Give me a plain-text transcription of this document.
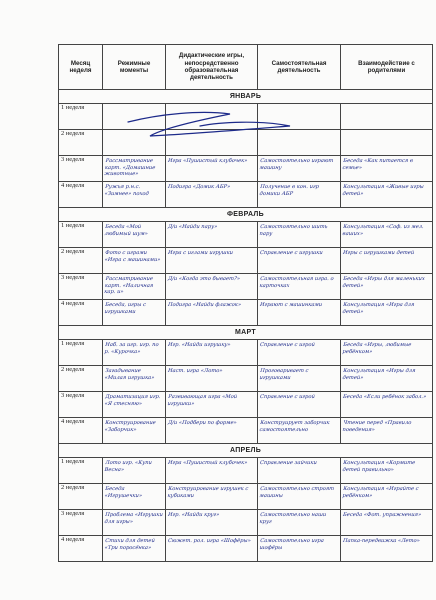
Месяц неделя	Режимные моменты	Дидактические игры, непосредственно образовательная деятельность	Самостоятельная деятельность	Взаимодействие с родителями
ЯНВАРЬ				
1 неделя	

2 неделя	

3 неделя	Рассматривание карт. «Домашние животные»	Игра «Пушистый клубочек»	Самостоятельно играют машину	Беседа «Как питается в семье»

4 неделя	Ружья р.н.с. «Зимнее» поход	Подигра «Домик АБР»	Получение в кон. игр домики АБР	Консультация «Живые игры детей»

ФЕВРАЛЬ				
1 неделя	Беседа «Мой любимый шум»	Д/и «Найди пару»	Самостоятельно шить пару	Консультация «Соф. из мел. ваших»

2 неделя	Фото с играми «Игра с машинами»	Игра с иглами игрушки	Справление с игрушки	Игры с игрушками детей

3 неделя	Рассматривание карт. «Наличная кар. и»	Д/и «Когда это бывает?»	Самостоятельная игра. о карточках	Беседа «Игры для маленьких детей»

4 неделя	Беседа, игры с игрушками	Подигра «Найди флажок»	Играют с машинками	Консультация «Игра для детей»

МАРТ				
1 неделя	Наб. за игр. игр. по р. «Курочка»	Игр. «Найди игрушку»	Справление с игрой	Беседа «Игры, любимые ребёнком»

2 неделя	Загадывание «Милая игрушка»	Наст. игра «Лото»	Проговаривает с игрушками	Консультация «Игры для детей»

3 неделя	Драматизация игр. «Я стесняю»	Развивающая игра «Мой игрушки»	Справление с игрой	Беседа «Если ребёнок забол.»

4 неделя	Конструирование «Заборчик»	Д/и «Подбери по форме»	Конструирует заборчик самостоятельно	Чтение перед «Правило поведения»

АПРЕЛЬ				
1 неделя	Лото игр. «Купи Весна»	Игра «Пушистый клубочек»	Справление зайчики	Консультация «Кормите детей правильно»

2 неделя	Беседа «Игрушечки»	Конструирование игрушек с кубиками	Самостоятельно строят машины	Консультация «Играйте с ребёнком»

3 неделя	Проблема «Игрушки для игры»	Игр. «Найди круг»	Самостоятельно наши круг	Беседа «Фот. упражнения»

4 неделя	Стихи для детей «Три поросёнка»	Сюжет. рол. игра «Шофёры»	Самостоятельно игра шофёры	Папка-передвижка «Лето»
